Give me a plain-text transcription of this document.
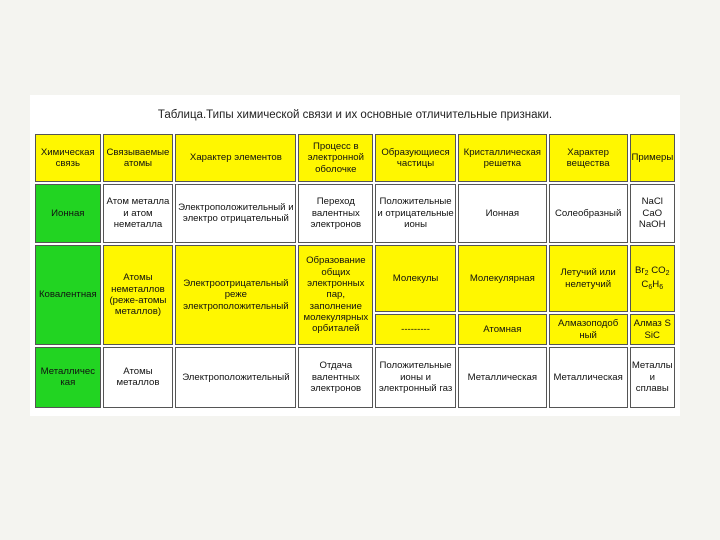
Таблица.Типы химической связи и их основные отличительные признаки.
Химическая связь	Связываемые атомы	Характер элементов	Процесс в электронной оболочке	Образующиеся частицы	Кристаллическая решетка	Характер вещества	Примеры
Ионная	Атом металла и атом неметалла	Электроположительный и электро отрицательный	Переход валентных электронов	Положительные и отрицательные ионы	Ионная	Солеобразный	NaCl
CaO
NaOH

Ковалентная	Атомы неметаллов (реже-атомы металлов)	Электроотрицательный реже электроположительный	Образование общих электронных пар, заполнение молекулярных орбиталей	Молекулы	Молекулярная	Летучий или нелетучий	$Br_2$ $CO_2$
$C_6H_6$

				---------	Атомная	Алмазоподоб ный	Алмаз S
SiC

Металличес кая	Атомы металлов	Электроположительный	Отдача валентных электронов	Положительные ионы и электронный газ	Металлическая	Металлическая	Металлы
и
сплавы
